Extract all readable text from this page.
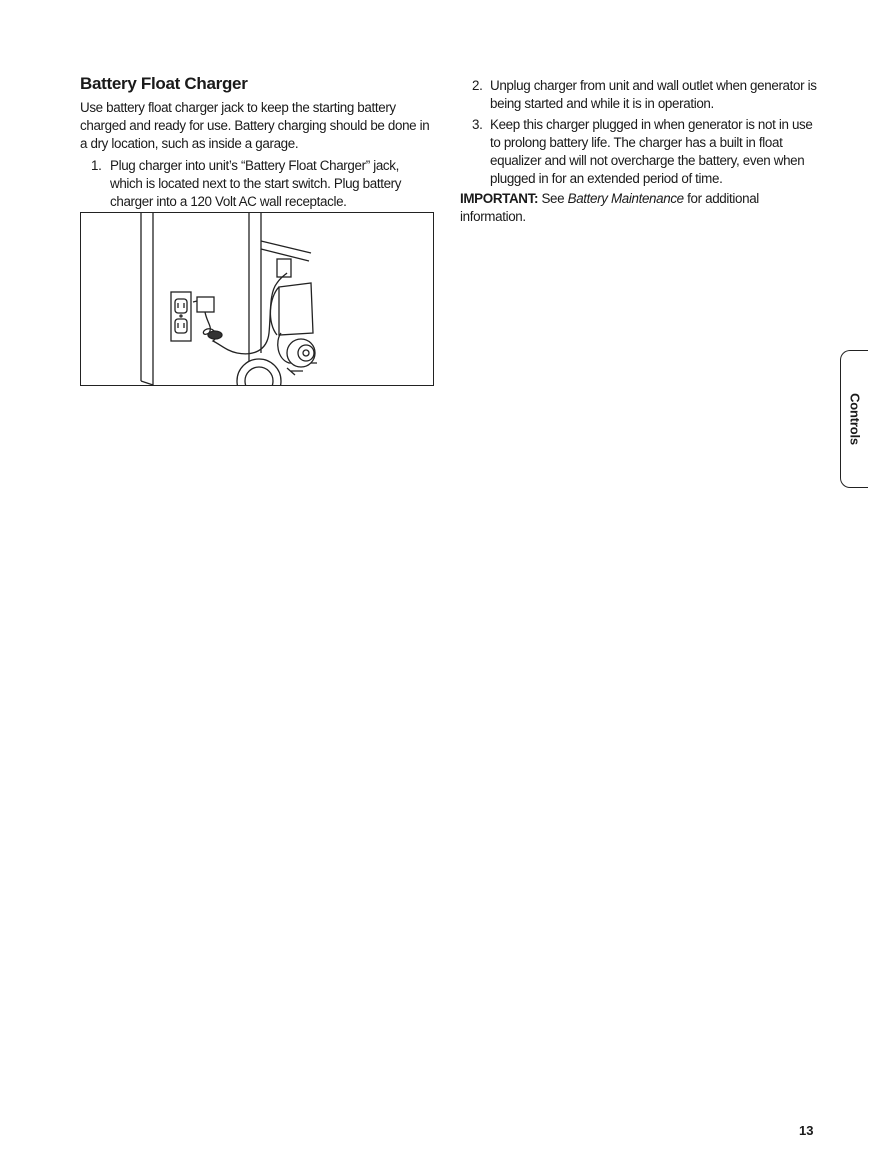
Battery Float Charger

Use battery float charger jack to keep the starting battery charged and ready for use. Battery charging should be done in a dry location, such as inside a garage.

1. Plug charger into unit’s “Battery Float Charger” jack, which is located next to the start switch. Plug battery charger into a 120 Volt AC wall receptacle.
2. Unplug charger from unit and wall outlet when generator is being started and while it is in operation.
3. Keep this charger plugged in when generator is not in use to prolong battery life. The charger has a built in float equalizer and will not overcharge the battery, even when plugged in for an extended period of time.

IMPORTANT: See Battery Maintenance for additional information.

Controls
13
